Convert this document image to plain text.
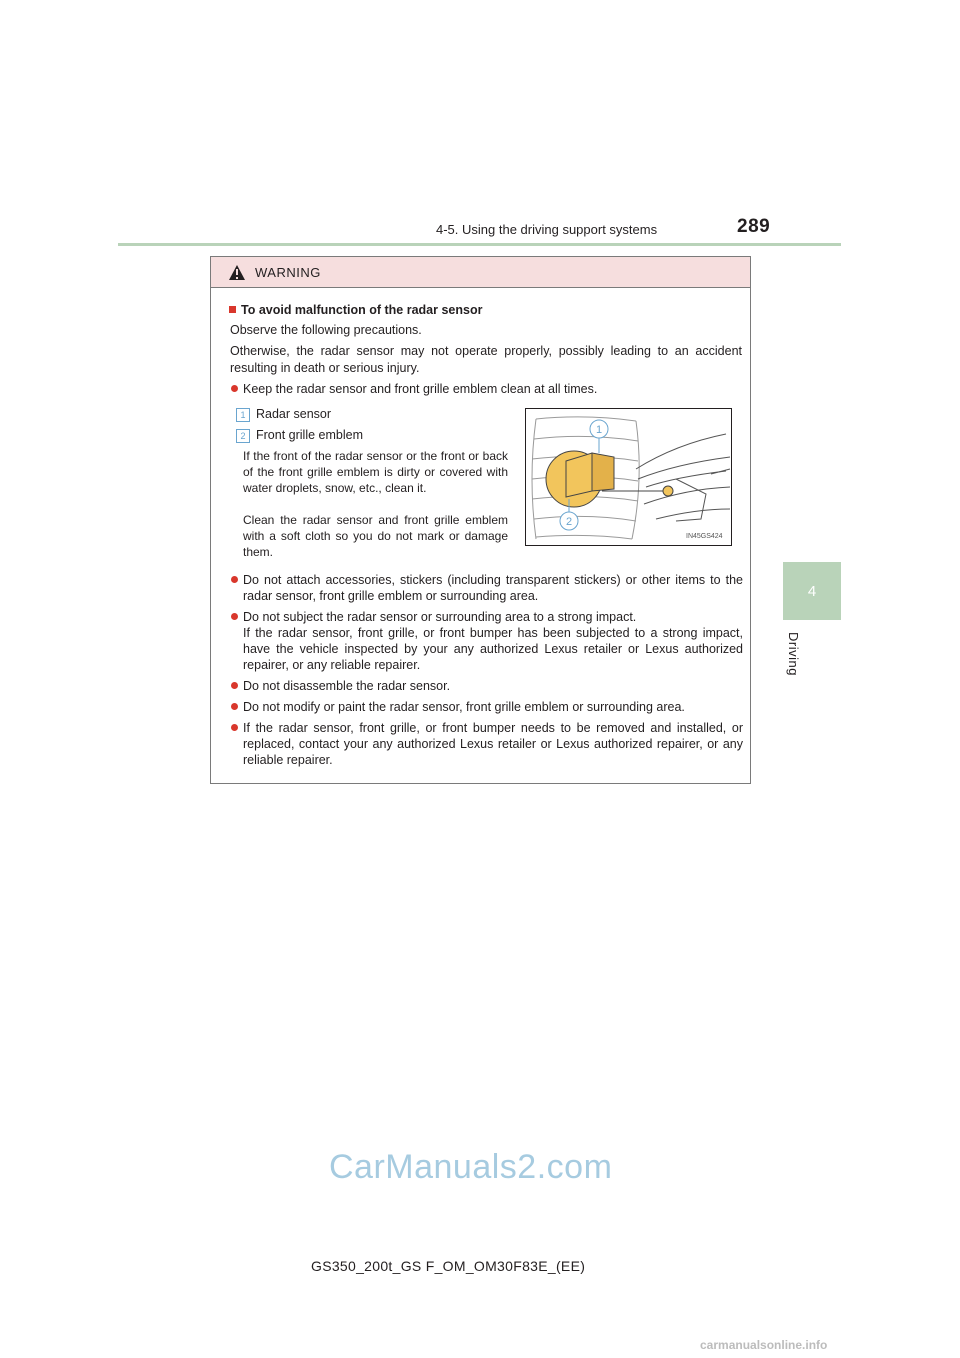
4-5. Using the driving support systems	289
4
Driving
WARNING
To avoid malfunction of the radar sensor
Observe the following precautions.
Otherwise, the radar sensor may not operate properly, possibly leading to an accident resulting in death or serious injury.
Keep the radar sensor and front grille emblem clean at all times.
1 Radar sensor
2 Front grille emblem
If the front of the radar sensor or the front or back of the front grille emblem is dirty or covered with water droplets, snow, etc., clean it.
Clean the radar sensor and front grille emblem with a soft cloth so you do not mark or damage them.
Do not attach accessories, stickers (including transparent stickers) or other items to the radar sensor, front grille emblem or surrounding area.
Do not subject the radar sensor or surrounding area to a strong impact.
If the radar sensor, front grille, or front bumper has been subjected to a strong impact, have the vehicle inspected by your any authorized Lexus retailer or Lexus authorized repairer, or any reliable repairer.
Do not disassemble the radar sensor.
Do not modify or paint the radar sensor, front grille emblem or surrounding area.
If the radar sensor, front grille, or front bumper needs to be removed and installed, or replaced, contact your any authorized Lexus retailer or Lexus authorized repairer, or any reliable repairer.
1
2
IN45GS424
GS350_200t_GS F_OM_OM30F83E_(EE)
CarManuals2.com
carmanualsonline.info
